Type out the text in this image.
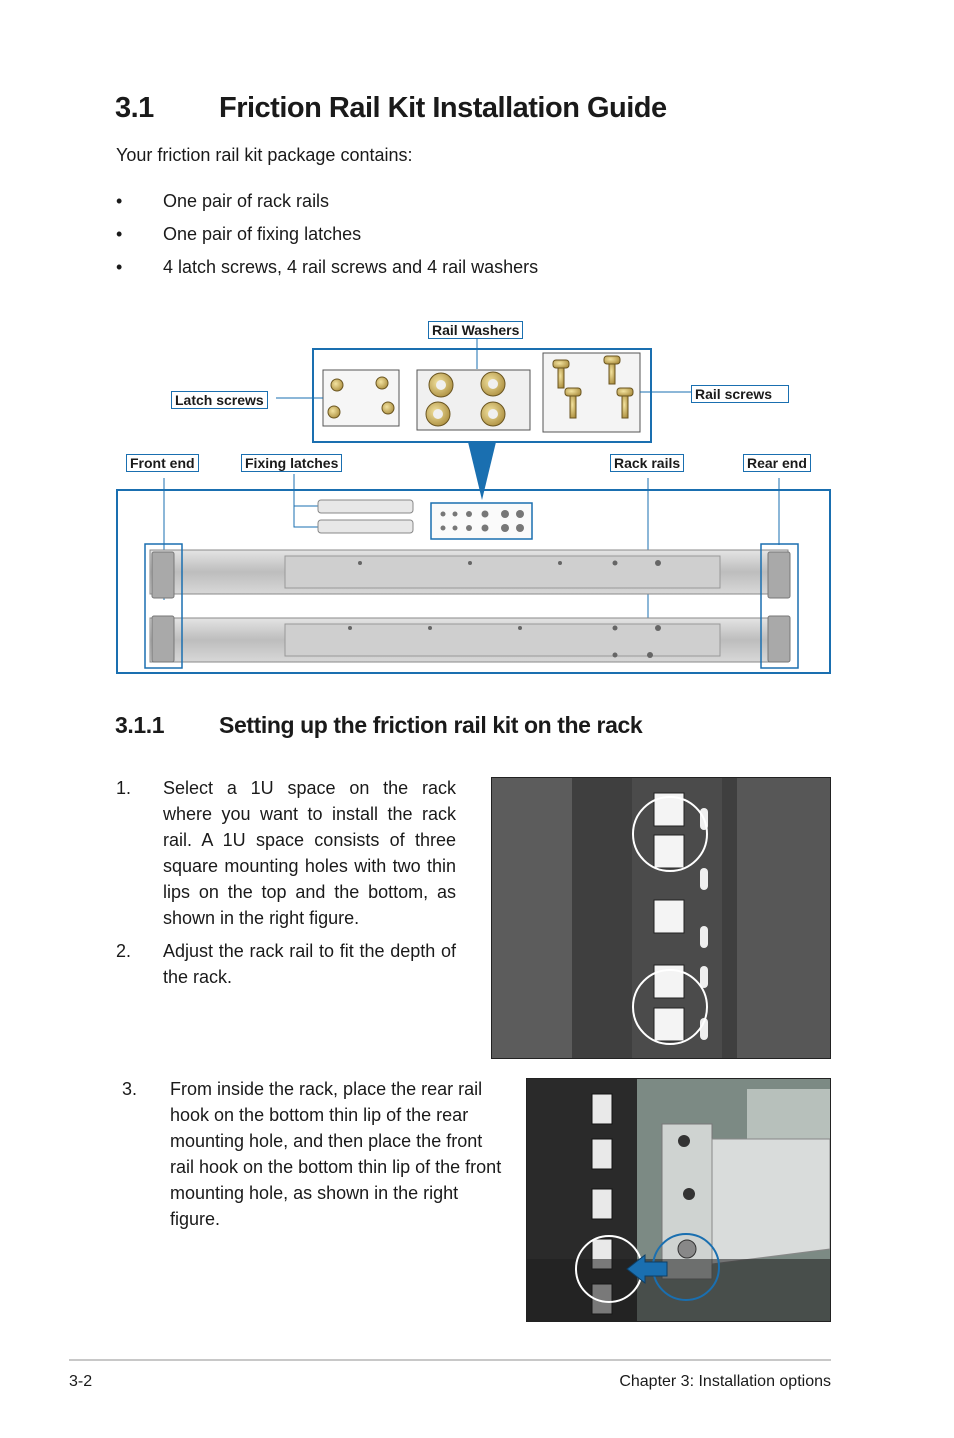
3.1 Friction Rail Kit Installation Guide
Your friction rail kit package contains:
• One pair of rack rails
• One pair of fixing latches
• 4 latch screws, 4 rail screws and 4 rail washers
Rail Washers
Latch screws	Rail screws
Front end	Fixing latches	Rack rails	Rear end
3.1.1 Setting up the friction rail kit on the rack
1. Select a 1U space on the rack where you want to install the rack rail. A 1U space consists of three square mounting holes with two thin lips on the top and the bottom, as shown in the right figure.
2. Adjust the rack rail to fit the depth of the rack.
3. From inside the rack, place the rear rail hook on the bottom thin lip of the rear mounting hole, and then place the front rail hook on the bottom thin lip of the front mounting hole, as shown in the right figure.
3-2	Chapter 3: Installation options
